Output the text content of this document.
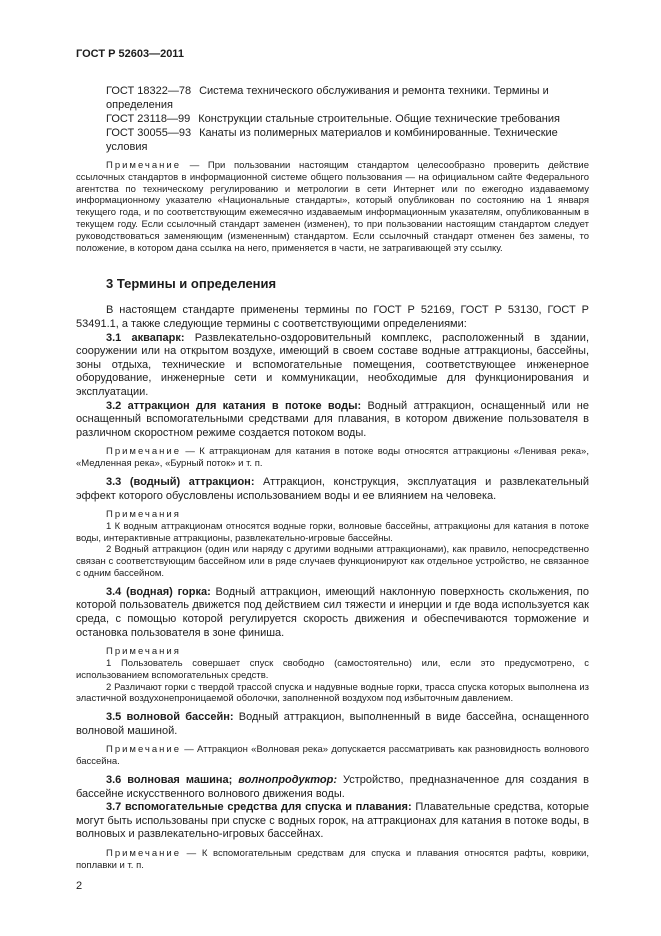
ГОСТ Р 52603—2011

ГОСТ 18322—78 Система технического обслуживания и ремонта техники. Термины и определения

ГОСТ 23118—99 Конструкции стальные строительные. Общие технические требования

ГОСТ 30055—93 Канаты из полимерных материалов и комбинированные. Технические условия

Примечание — При пользовании настоящим стандартом целесообразно проверить действие ссылочных стандартов в информационной системе общего пользования — на официальном сайте Федерального агентства по техническому регулированию и метрологии в сети Интернет или по ежегодно издаваемому информационному указателю «Национальные стандарты», который опубликован по состоянию на 1 января текущего года, и по соответствующим ежемесячно издаваемым информационным указателям, опубликованным в текущем году. Если ссылочный стандарт заменен (изменен), то при пользовании настоящим стандартом следует руководствоваться заменяющим (измененным) стандартом. Если ссылочный стандарт отменен без замены, то положение, в котором дана ссылка на него, применяется в части, не затрагивающей эту ссылку.

3 Термины и определения

В настоящем стандарте применены термины по ГОСТ Р 52169, ГОСТ Р 53130, ГОСТ Р 53491.1, а также следующие термины с соответствующими определениями:

3.1 аквапарк: Развлекательно-оздоровительный комплекс, расположенный в здании, сооружении или на открытом воздухе, имеющий в своем составе водные аттракционы, бассейны, зоны отдыха, технические и вспомогательные помещения, соответствующее инженерное оборудование, инженерные сети и коммуникации, необходимые для функционирования и эксплуатации.

3.2 аттракцион для катания в потоке воды: Водный аттракцион, оснащенный или не оснащенный вспомогательными средствами для плавания, в котором движение пользователя в различном скоростном режиме создается потоком воды.

Примечание — К аттракционам для катания в потоке воды относятся аттракционы «Ленивая река», «Медленная река», «Бурный поток» и т. п.

3.3 (водный) аттракцион: Аттракцион, конструкция, эксплуатация и развлекательный эффект которого обусловлены использованием воды и ее влиянием на человека.

Примечания

1 К водным аттракционам относятся водные горки, волновые бассейны, аттракционы для катания в потоке воды, интерактивные аттракционы, развлекательно-игровые бассейны.

2 Водный аттракцион (один или наряду с другими водными аттракционами), как правило, непосредственно связан с соответствующим бассейном или в ряде случаев функционируют как отдельное устройство, не связанное с одним бассейном.

3.4 (водная) горка: Водный аттракцион, имеющий наклонную поверхность скольжения, по которой пользователь движется под действием сил тяжести и инерции и где вода используется как среда, с помощью которой регулируется скорость движения и обеспечиваются торможение и остановка пользователя в зоне финиша.

Примечания

1 Пользователь совершает спуск свободно (самостоятельно) или, если это предусмотрено, с использованием вспомогательных средств.

2 Различают горки с твердой трассой спуска и надувные водные горки, трасса спуска которых выполнена из эластичной воздухонепроницаемой оболочки, заполненной воздухом под избыточным давлением.

3.5 волновой бассейн: Водный аттракцион, выполненный в виде бассейна, оснащенного волновой машиной.

Примечание — Аттракцион «Волновая река» допускается рассматривать как разновидность волнового бассейна.

3.6 волновая машина; волнопродуктор: Устройство, предназначенное для создания в бассейне искусственного волнового движения воды.

3.7 вспомогательные средства для спуска и плавания: Плавательные средства, которые могут быть использованы при спуске с водных горок, на аттракционах для катания в потоке воды, в волновых и развлекательно-игровых бассейнах.

Примечание — К вспомогательным средствам для спуска и плавания относятся рафты, коврики, поплавки и т. п.

2
